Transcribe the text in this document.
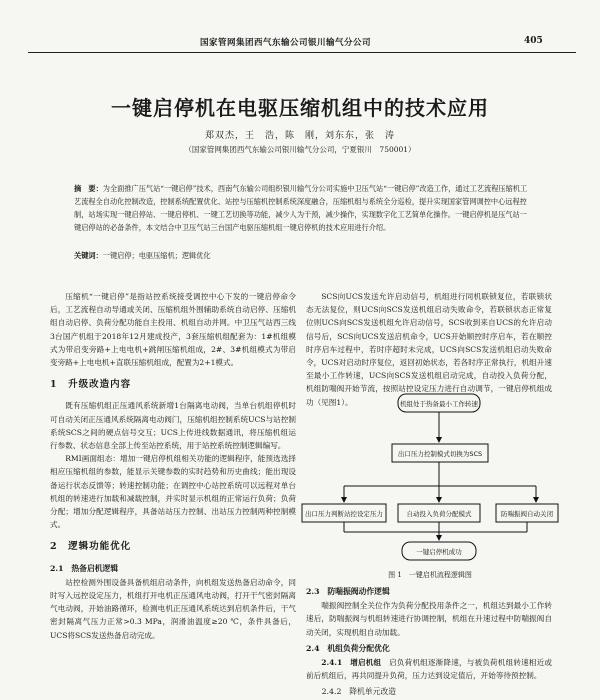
国家管网集团西气东输公司银川输气分公司	405
一键启停机在电驱压缩机组中的技术应用
郑双杰，王　浩，陈　刚，刘东东，张　涛
（国家管网集团西气东输公司银川输气分公司，宁夏银川　750001）

摘　要：为全面推广压气站“一键启停”技术，西南气东输公司组织银川输气分公司实施中卫压气站“一键启停”改造工作，通过工艺流程压缩机工艺流程全自动化控制改造，控制系统配置优化、站控与压缩机控制系统深度融合，压缩机组与系统全分巡检，提升实现国家管网调控中心远程控制，站场实现一键启停站、一键启停机、一键工艺切换等功能，减少人为干预，减少操作，实现数字化工艺简单化操作。一键启停机是压气站一键启停站的必备条件，本文结合中卫压气站三台国产电驱压缩机组一键启停机的技术应用进行介绍。

关键词：一键启停；电驱压缩机；逻辑优化

压缩机“一键启停”是指站控系统接受调控中心下发的一键启停命令后，工艺流程自动导通或关闭、压缩机组外围辅助系统自动启停、压缩机组自动启停、负荷分配功能自主投用、机组自动并网。中卫压气站西三线3台国产机组于2018年12月建成投产，3套压缩机组配套为：1#机组模式为带启变旁路+上电电机+跳闸压缩机组成，2#、3#机组模式为带启变旁路+上电电机+直联压缩机组成，配置为2+1模式。

1　升级改造内容

既有压缩机组正压通风系统新增1台隔离电动阀，当单台机组停机时可自动关闭正压通风系统隔离电动阀门，压缩机组控制系统UCS与站控制系统SCS之间的硬点信号交互；UCS上传进线数据通讯，将压缩机组运行参数、状态信息全部上传至站控系统，用于站控系统控制逻辑编写。

RMI画面组态：增加一键启停机组相关功能的逻辑程序，能预选选择相应压缩机组的参数，能显示关键参数的实时趋势和历史曲线；能出现设备运行状态反馈等；转速控制功能；在调控中心站控系统可以远程对单台机组的转速进行加载和减载控制，并实时显示机组的正常运行负荷；负荷分配；增加分配逻辑程序，具备站站压力控制、出站压力控制两种控制模式。

2　逻辑功能优化
2.1　热备启机逻辑

站控检测外围设备具备机组启动条件，向机组发送热备启动命令，同时写入远控设定压力，机组打开电机正压通风电动阀，打开干气密封隔离气电动阀，开始油路循环，检测电机正压通风系统达到启机条件后，干气密封隔离气压力正常>0.3 MPa，润滑油温度≥20 ℃，条件具备后，UCS将SCS发送热备启动完成。

SCS向UCS发送允许启动信号，机组进行同机联锁复位，若联锁状态无法复位，则UCS向SCS发送机组启动失败命令，若联锁状态正常复位则UCS向SCS发送机组允许启动信号，SCS收到来自UCS的允许启动信号后，SCS向UCS发送启机命令，UCS开始顺控时序启车，若在顺控时序启车过程中，若时序超时未完成，UCS向SCS发送机组启动失败命令，UCS对启动时序复位，返回初始状态，若各时序正常执行，机组升速至最小工作转速，UCS向SCS发送机组启动完成，自动投入负荷分配，机组防喘阀开始节流，按照站控设定压力进行自动调节，一键启停机组成功（见图1）。	机组处于热备最小工作转速
出口压力控制模式切换为SCS
出口压力判断站控设定压力	自动投入负荷分配模式	防喘振阀自动关闭
一键启停机成功
图 1　一键启机流程逻辑图
2.3　防喘振阀动作逻辑

喘振阀控制全关位作为负荷分配投用条件之一，机组达到最小工作转速后，防喘振阀与机组转速进行协调控制，机组在升速过程中防喘振阀自动关闭，实现机组自动加载。

2.4　机组负荷分配优化

2.4.1　增启机组　启负荷机组逐渐降速，与被负荷机组转速相近或前后机组后，再共同提升负荷，压力达到设定值后，开始等待预控制。

2.4.2　降机单元改造
